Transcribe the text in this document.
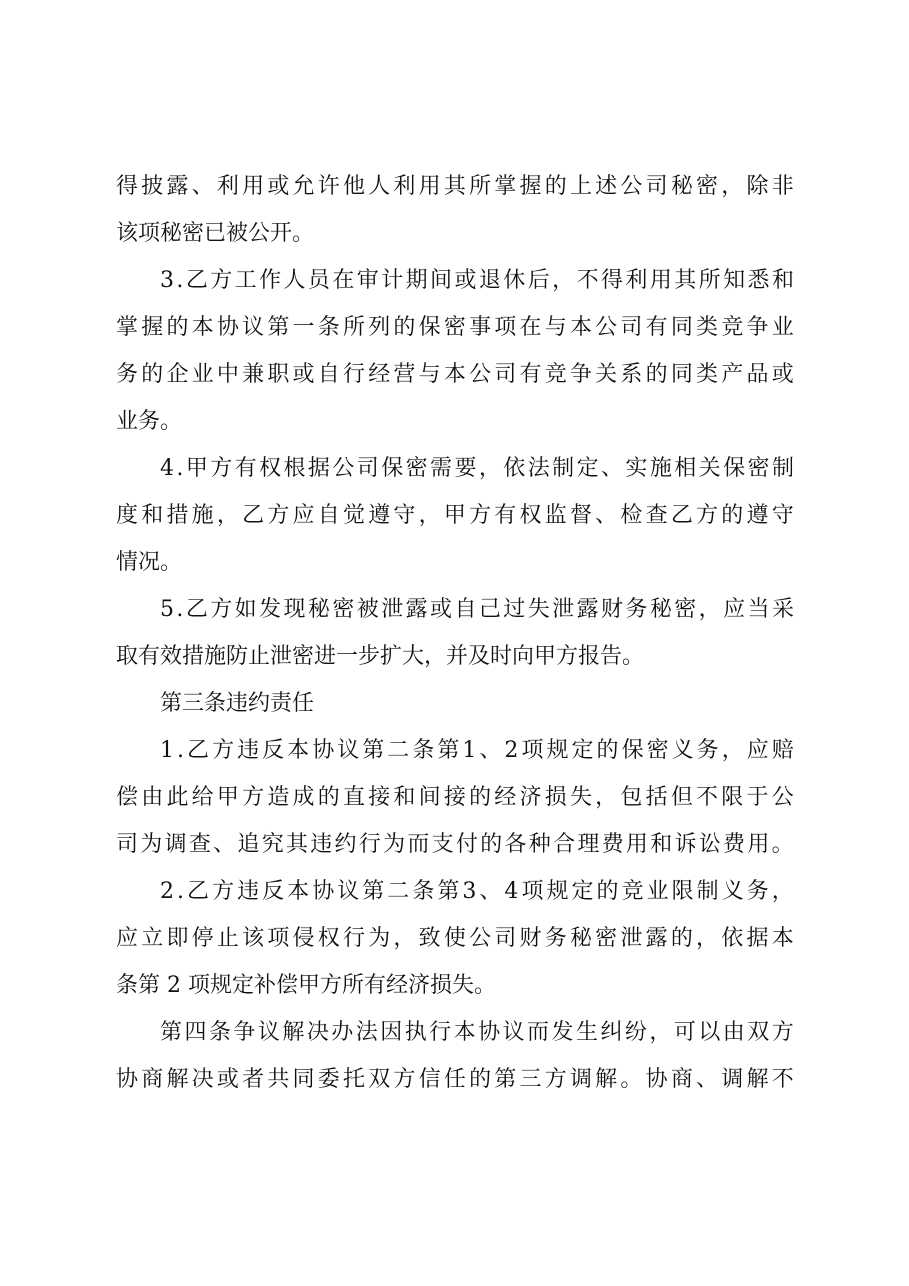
得 披 露 、 利 用 或 允 许 他 人 利 用 其 所 掌 握 的 上 述 公 司 秘 密 ， 除 非
该项秘密已被公开。
3 . 乙 方 工 作 人 员 在 审 计 期 间 或 退 休 后 ， 不 得 利 用 其 所 知 悉 和
掌 握 的 本 协 议 第 一 条 所 列 的 保 密 事 项 在 与 本 公 司 有 同 类 竞 争 业
务 的 企 业 中 兼 职 或 自 行 经 营 与 本 公 司 有 竞 争 关 系 的 同 类 产 品 或
业务。
4 . 甲 方 有 权 根 据 公 司 保 密 需 要 ， 依 法 制 定 、 实 施 相 关 保 密 制
度 和 措 施 ， 乙 方 应 自 觉 遵 守 ， 甲 方 有 权 监 督 、 检 查 乙 方 的 遵 守
情况。
5 . 乙 方 如 发 现 秘 密 被 泄 露 或 自 己 过 失 泄 露 财 务 秘 密 ， 应 当 采
取有效措施防止泄密进一步扩大，并及时向甲方报告。
第三条违约责任
1 . 乙 方 违 反 本 协 议 第 二 条 第 1 、 2 项 规 定 的 保 密 义 务 ， 应 赔
偿 由 此 给 甲 方 造 成 的 直 接 和 间 接 的 经 济 损 失 ， 包 括 但 不 限 于 公
司 为 调 查 、 追 究 其 违 约 行 为 而 支 付 的 各 种 合 理 费 用 和 诉 讼 费 用 。
2 . 乙 方 违 反 本 协 议 第 二 条 第 3 、 4 项 规 定 的 竞 业 限 制 义 务 ，
应 立 即 停 止 该 项 侵 权 行 为 ， 致 使 公 司 财 务 秘 密 泄 露 的 ， 依 据 本
条第 2 项规定补偿甲方所有经济损失。
第 四 条 争 议 解 决 办 法 因 执 行 本 协 议 而 发 生 纠 纷 ， 可 以 由 双 方
协 商 解 决 或 者 共 同 委 托 双 方 信 任 的 第 三 方 调 解 。 协 商 、 调 解 不
